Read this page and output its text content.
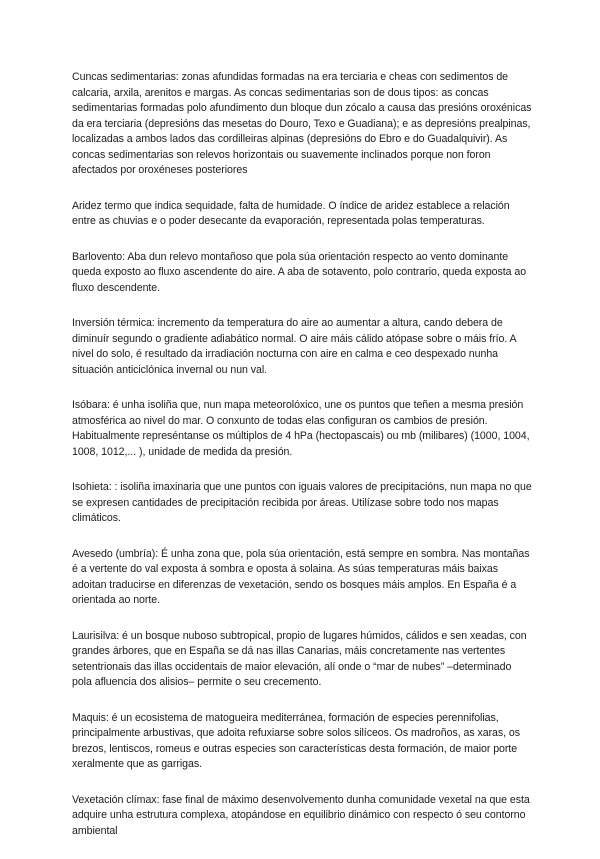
Cuncas sedimentarias: zonas afundidas formadas na era terciaria e cheas con sedimentos de calcaria, arxila, arenitos e margas. As concas sedimentarias son de dous tipos: as concas sedimentarias formadas polo afundimento dun bloque dun zócalo a causa das presións oroxénicas da era terciaria (depresións das mesetas do Douro, Texo e Guadiana); e as depresións prealpinas, localizadas a ambos lados das cordilleiras alpinas (depresións do Ebro e do Guadalquivir). As concas sedimentarias son relevos horizontais ou suavemente inclinados porque non foron afectados por oroxéneses posteriores

Aridez termo que indica sequidade, falta de humidade. O índice de aridez establece a relación entre as chuvias e o poder desecante da evaporación, representada polas temperaturas.

Barlovento: Aba dun relevo montañoso que pola súa orientación respecto ao vento dominante queda exposto ao fluxo ascendente do aire. A aba de sotavento, polo contrario, queda exposta ao fluxo descendente.

Inversión térmica: incremento da temperatura do aire ao aumentar a altura, cando debera de diminuír segundo o gradiente adiabático normal. O aire máis cálido atópase sobre o máis frío. A nivel do solo, é resultado da irradiación nocturna con aire en calma e ceo despexado nunha situación anticiclónica invernal ou nun val.

Isóbara: é unha isoliña que, nun mapa meteorolóxico, une os puntos que teñen a mesma presión atmosférica ao nivel do mar. O conxunto de todas elas configuran os cambios de presión. Habitualmente represéntanse os múltiplos de 4 hPa (hectopascais) ou mb (milibares) (1000, 1004, 1008, 1012,... ), unidade de medida da presión.

Isohieta: : isoliña imaxinaria que une puntos con iguais valores de precipitacións, nun mapa no que se expresen cantidades de precipitación recibida por áreas. Utilízase sobre todo nos mapas climáticos.

Avesedo (umbría): É unha zona que, pola súa orientación, está sempre en sombra. Nas montañas é a vertente do val exposta á sombra e oposta á solaina. As súas temperaturas máis baixas adoitan traducirse en diferenzas de vexetación, sendo os bosques máis amplos. En España é a orientada ao norte.

Laurisilva: é un bosque nuboso subtropical, propio de lugares húmidos, cálidos e sen xeadas, con grandes árbores, que en España se dá nas illas Canarias, máis concretamente nas vertentes setentrionais das illas occidentais de maior elevación, alí onde o “mar de nubes” –determinado pola afluencia dos alisios– permite o seu crecemento.

Maquis: é un ecosistema de matogueira mediterránea, formación de especies perennifolias, principalmente arbustivas, que adoita refuxiarse sobre solos silíceos. Os madroños, as xaras, os brezos, lentiscos, romeus e outras especies son características desta formación, de maior porte xeralmente que as garrigas.

Vexetación clímax: fase final de máximo desenvolvemento dunha comunidade vexetal na que esta adquire unha estrutura complexa, atopándose en equilibrio dinámico con respecto ó seu contorno ambiental
